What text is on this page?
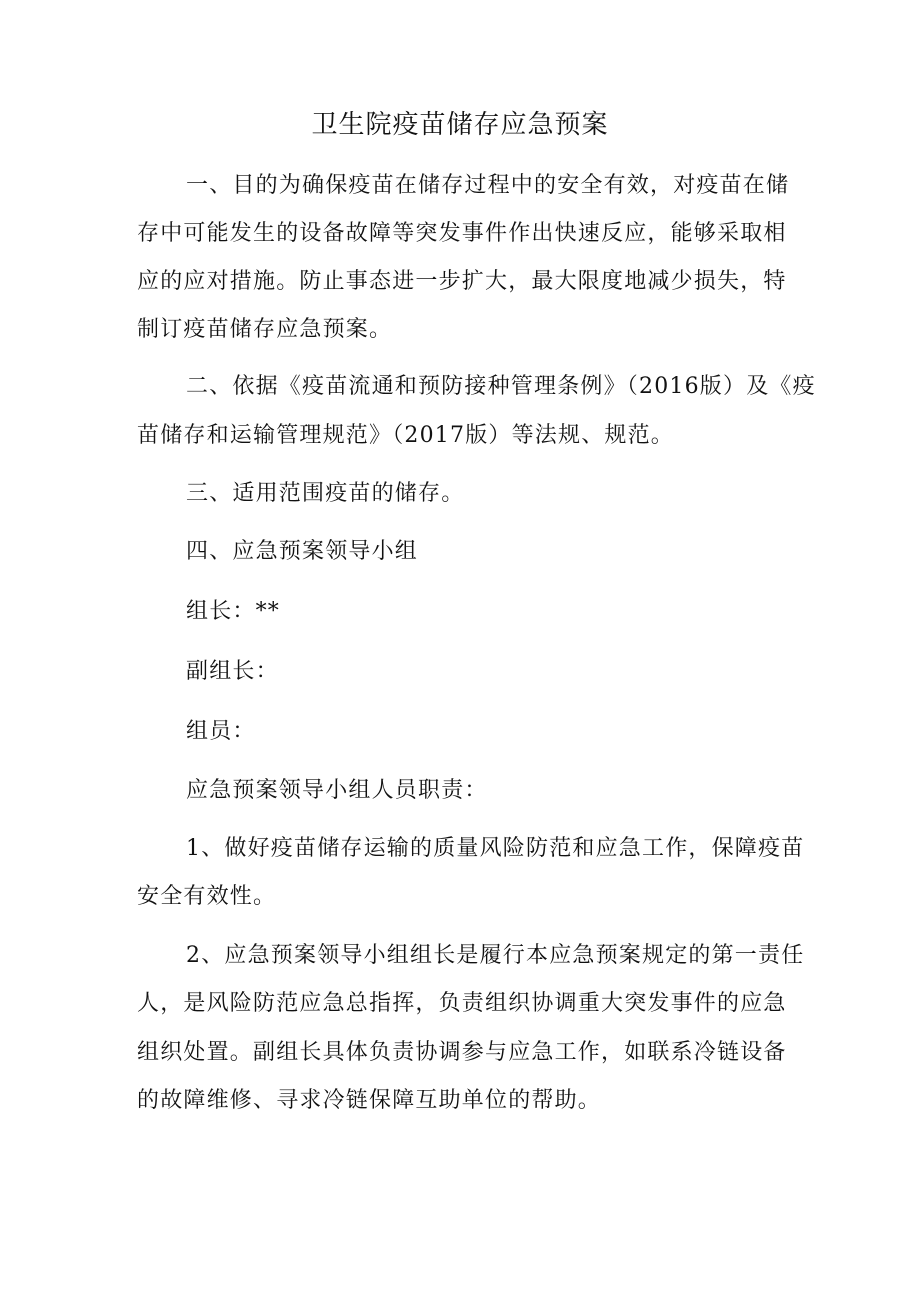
卫生院疫苗储存应急预案
一、目的为确保疫苗在储存过程中的安全有效，对疫苗在储
存中可能发生的设备故障等突发事件作出快速反应，能够采取相
应的应对措施。防止事态进一步扩大，最大限度地减少损失，特
制订疫苗储存应急预案。
二、依据《疫苗流通和预防接种管理条例》（2016版）及《疫
苗储存和运输管理规范》（2017版）等法规、规范。
三、适用范围疫苗的储存。
四、应急预案领导小组
组长：**
副组长：
组员：
应急预案领导小组人员职责：
1、做好疫苗储存运输的质量风险防范和应急工作，保障疫苗
安全有效性。
2、应急预案领导小组组长是履行本应急预案规定的第一责任
人，是风险防范应急总指挥，负责组织协调重大突发事件的应急
组织处置。副组长具体负责协调参与应急工作，如联系冷链设备
的故障维修、寻求冷链保障互助单位的帮助。
